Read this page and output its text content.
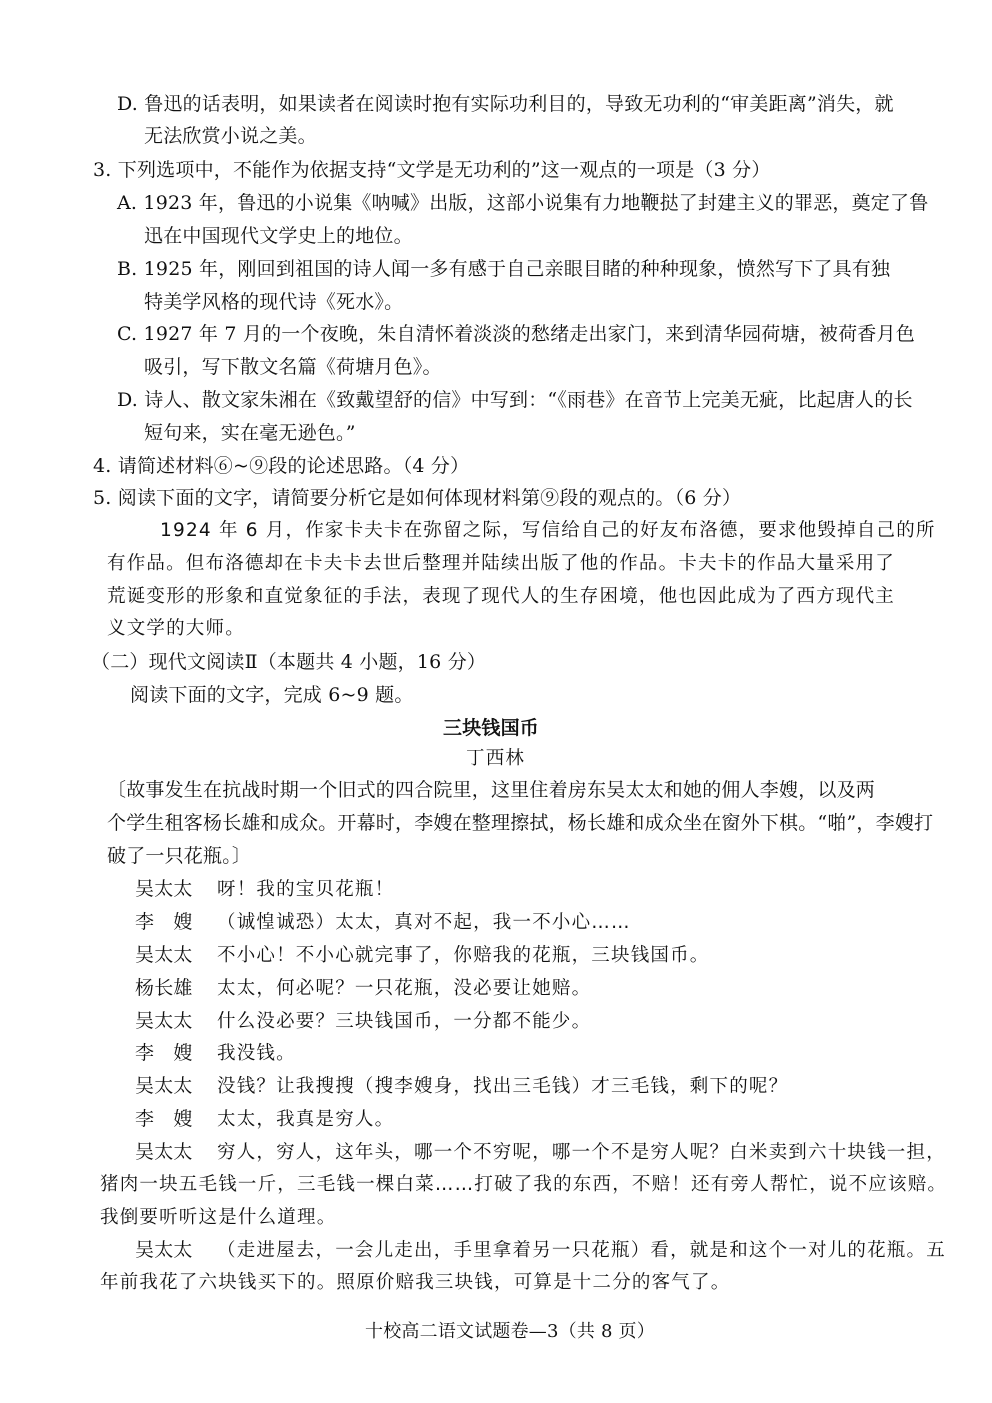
D. 鲁迅的话表明，如果读者在阅读时抱有实际功利目的，导致无功利的“审美距离”消失，就
无法欣赏小说之美。
3. 下列选项中，不能作为依据支持“文学是无功利的”这一观点的一项是（3 分）
A. 1923 年，鲁迅的小说集《呐喊》出版，这部小说集有力地鞭挞了封建主义的罪恶，奠定了鲁
迅在中国现代文学史上的地位。
B. 1925 年，刚回到祖国的诗人闻一多有感于自己亲眼目睹的种种现象，愤然写下了具有独
特美学风格的现代诗《死水》。
C. 1927 年 7 月的一个夜晚，朱自清怀着淡淡的愁绪走出家门，来到清华园荷塘，被荷香月色
吸引，写下散文名篇《荷塘月色》。
D. 诗人、散文家朱湘在《致戴望舒的信》中写到：“《雨巷》在音节上完美无疵，比起唐人的长
短句来，实在毫无逊色。”
4. 请简述材料⑥~⑨段的论述思路。（4 分）
5. 阅读下面的文字，请简要分析它是如何体现材料第⑨段的观点的。（6 分）
1924 年 6 月，作家卡夫卡在弥留之际，写信给自己的好友布洛德，要求他毁掉自己的所
有作品。但布洛德却在卡夫卡去世后整理并陆续出版了他的作品。卡夫卡的作品大量采用了
荒诞变形的形象和直觉象征的手法，表现了现代人的生存困境，他也因此成为了西方现代主
义文学的大师。
（二）现代文阅读Ⅱ（本题共 4 小题，16 分）
阅读下面的文字，完成 6~9 题。
三块钱国币
丁西林
〔故事发生在抗战时期一个旧式的四合院里，这里住着房东吴太太和她的佣人李嫂，以及两
个学生租客杨长雄和成众。开幕时，李嫂在整理擦拭，杨长雄和成众坐在窗外下棋。“啪”，李嫂打
破了一只花瓶。〕
吴太太 呀！我的宝贝花瓶！
李　嫂 （诚惶诚恐）太太，真对不起，我一不小心……
吴太太 不小心！不小心就完事了，你赔我的花瓶，三块钱国币。
杨长雄 太太，何必呢？一只花瓶，没必要让她赔。
吴太太 什么没必要？三块钱国币，一分都不能少。
李　嫂 我没钱。
吴太太 没钱？让我搜搜（搜李嫂身，找出三毛钱）才三毛钱，剩下的呢？
李　嫂 太太，我真是穷人。
吴太太 穷人，穷人，这年头，哪一个不穷呢，哪一个不是穷人呢？白米卖到六十块钱一担，
猪肉一块五毛钱一斤，三毛钱一棵白菜……打破了我的东西，不赔！还有旁人帮忙，说不应该赔。
我倒要听听这是什么道理。
吴太太 （走进屋去，一会儿走出，手里拿着另一只花瓶）看，就是和这个一对儿的花瓶。五
年前我花了六块钱买下的。照原价赔我三块钱，可算是十二分的客气了。
十校高二语文试题卷—3（共 8 页）
